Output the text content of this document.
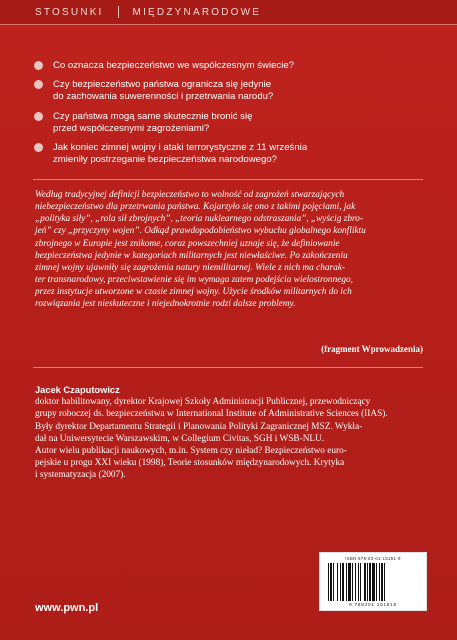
STOSUNKI	MIĘDZYNARODOWE
Co oznacza bezpieczeństwo we współczesnym świecie?
Czy bezpieczeństwo państwa ogranicza się jedynie
do zachowania suwerenności i przetrwania narodu?
Czy państwa mogą same skutecznie bronić się
przed współczesnymi zagrożeniami?
Jak koniec zimnej wojny i ataki terrorystyczne z 11 września
zmieniły postrzeganie bezpieczeństwa narodowego?
Według tradycyjnej definicji bezpieczeństwo to wolność od zagrożeń stwarzających
niebezpieczeństwo dla przetrwania państwa. Kojarzyło się ono z takimi pojęciami, jak
„polityka siły”, „rola sił zbrojnych”, „teoria nuklearnego odstraszania”, „wyścig zbro-
jeń” czy „przyczyny wojen”. Odkąd prawdopodobieństwo wybuchu globalnego konfliktu
zbrojnego w Europie jest znikome, coraz powszechniej uznaje się, że definiowanie
bezpieczeństwa jedynie w kategoriach militarnych jest niewłaściwe. Po zakończeniu
zimnej wojny ujawniły się zagrożenia natury niemilitarnej. Wiele z nich ma charak-
ter transnarodowy, przeciwstawienie się im wymaga zatem podejścia wielostronnego,
przez instytucje utworzone w czasie zimnej wojny. Użycie środków militarnych do ich
rozwiązania jest nieskuteczne i niejednokrotnie rodzi dalsze problemy.
(fragment Wprowadzenia)
Jacek Czaputowicz
doktor habilitowany, dyrektor Krajowej Szkoły Administracji Publicznej, przewodniczący
grupy roboczej ds. bezpieczeństwa w International Institute of Administrative Sciences (IIAS).
Były dyrektor Departamentu Strategii i Planowania Polityki Zagranicznej MSZ. Wykła-
dał na Uniwersytecie Warszawskim, w Collegium Civitas, SGH i WSB-NLU.
Autor wielu publikacji naukowych, m.in. System czy nieład? Bezpieczeństwo euro-
pejskie u progu XXI wieku (1998), Teorie stosunków międzynarodowych. Krytyka
i systematyzacja (2007).
ISBN 978-83-01-15151-9
9 788301 151519
www.pwn.pl
